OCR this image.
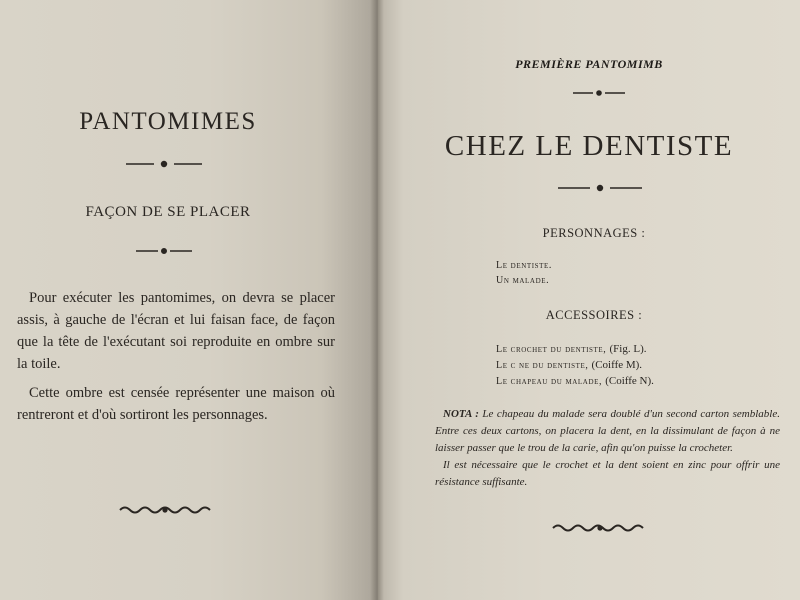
PANTOMIMES
FAÇON DE SE PLACER
Pour exécuter les pantomimes, on devra se placer assis, à gauche de l'écran et lui faisan face, de façon que la tête de l'exécutant soi reproduite en ombre sur la toile.
Cette ombre est censée représenter une maison où rentreront et d'où sortiront les personnages.
PREMIÈRE PANTOMIMB
CHEZ LE DENTISTE
PERSONNAGES :
Le dentiste.
Un malade.
ACCESSOIRES :
Le crochet du dentiste, (Fig. L).
Le c ne du dentiste, (Coiffe M).
Le chapeau du malade, (Coiffe N).
NOTA : Le chapeau du malade sera doublé d'un second carton semblable. Entre ces deux cartons, on placera la dent, en la dissimulant de façon à ne laisser passer que le trou de la carie, afin qu'on puisse la crocheter.
Il est nécessaire que le crochet et la dent soient en zinc pour offrir une résistance suffisante.
